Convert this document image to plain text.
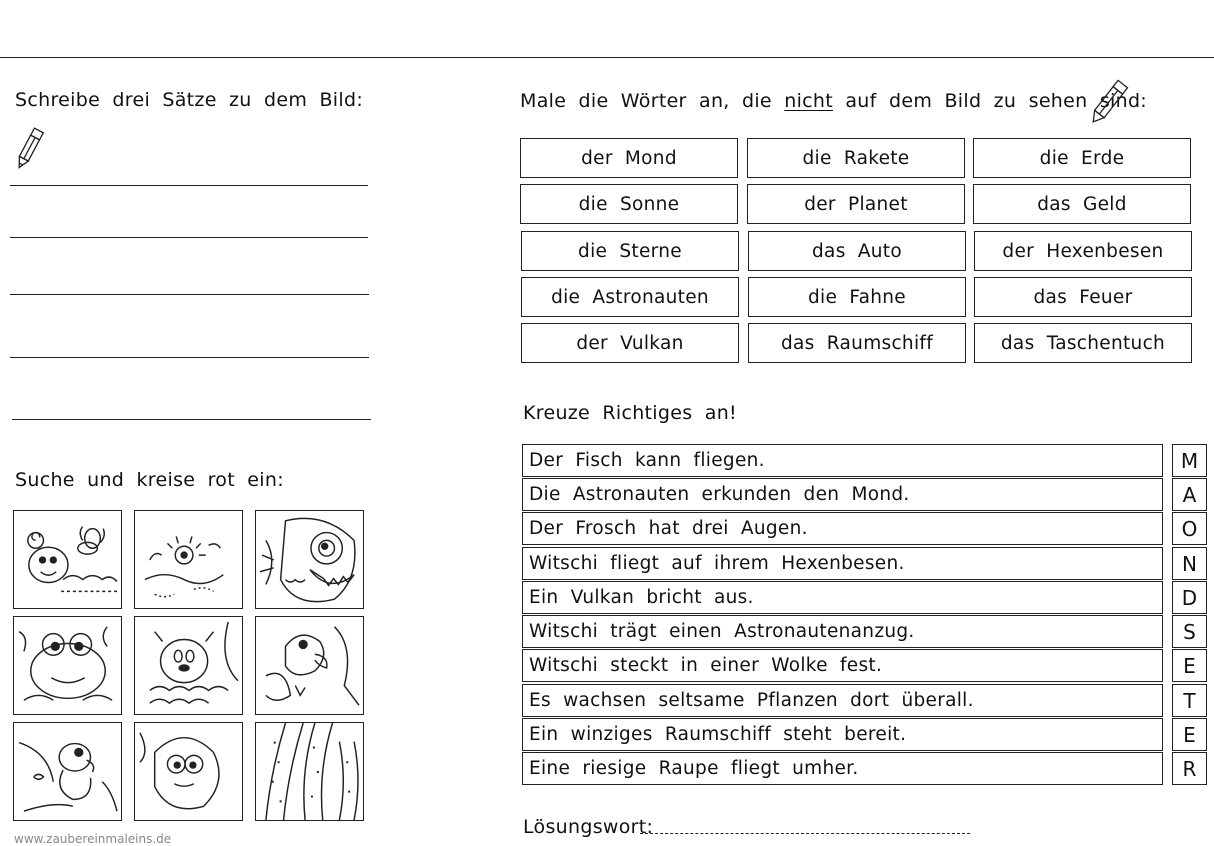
Schreibe drei Sätze zu dem Bild:
Suche und kreise rot ein:
www.zaubereinmaleins.de
Male die Wörter an, die nicht auf dem Bild zu sehen sind:
der Mond	die Rakete	die Erde
die Sonne	der Planet	das Geld
die Sterne	das Auto	der Hexenbesen
die Astronauten	die Fahne	das Feuer
der Vulkan	das Raumschiff	das Taschentuch
Kreuze Richtiges an!
Der Fisch kann fliegen.	M
Die Astronauten erkunden den Mond.	A
Der Frosch hat drei Augen.	O
Witschi fliegt auf ihrem Hexenbesen.	N
Ein Vulkan bricht aus.	D
Witschi trägt einen Astronautenanzug.	S
Witschi steckt in einer Wolke fest.	E
Es wachsen seltsame Pflanzen dort überall.	T
Ein winziges Raumschiff steht bereit.	E
Eine riesige Raupe fliegt umher.	R
Lösungswort:
